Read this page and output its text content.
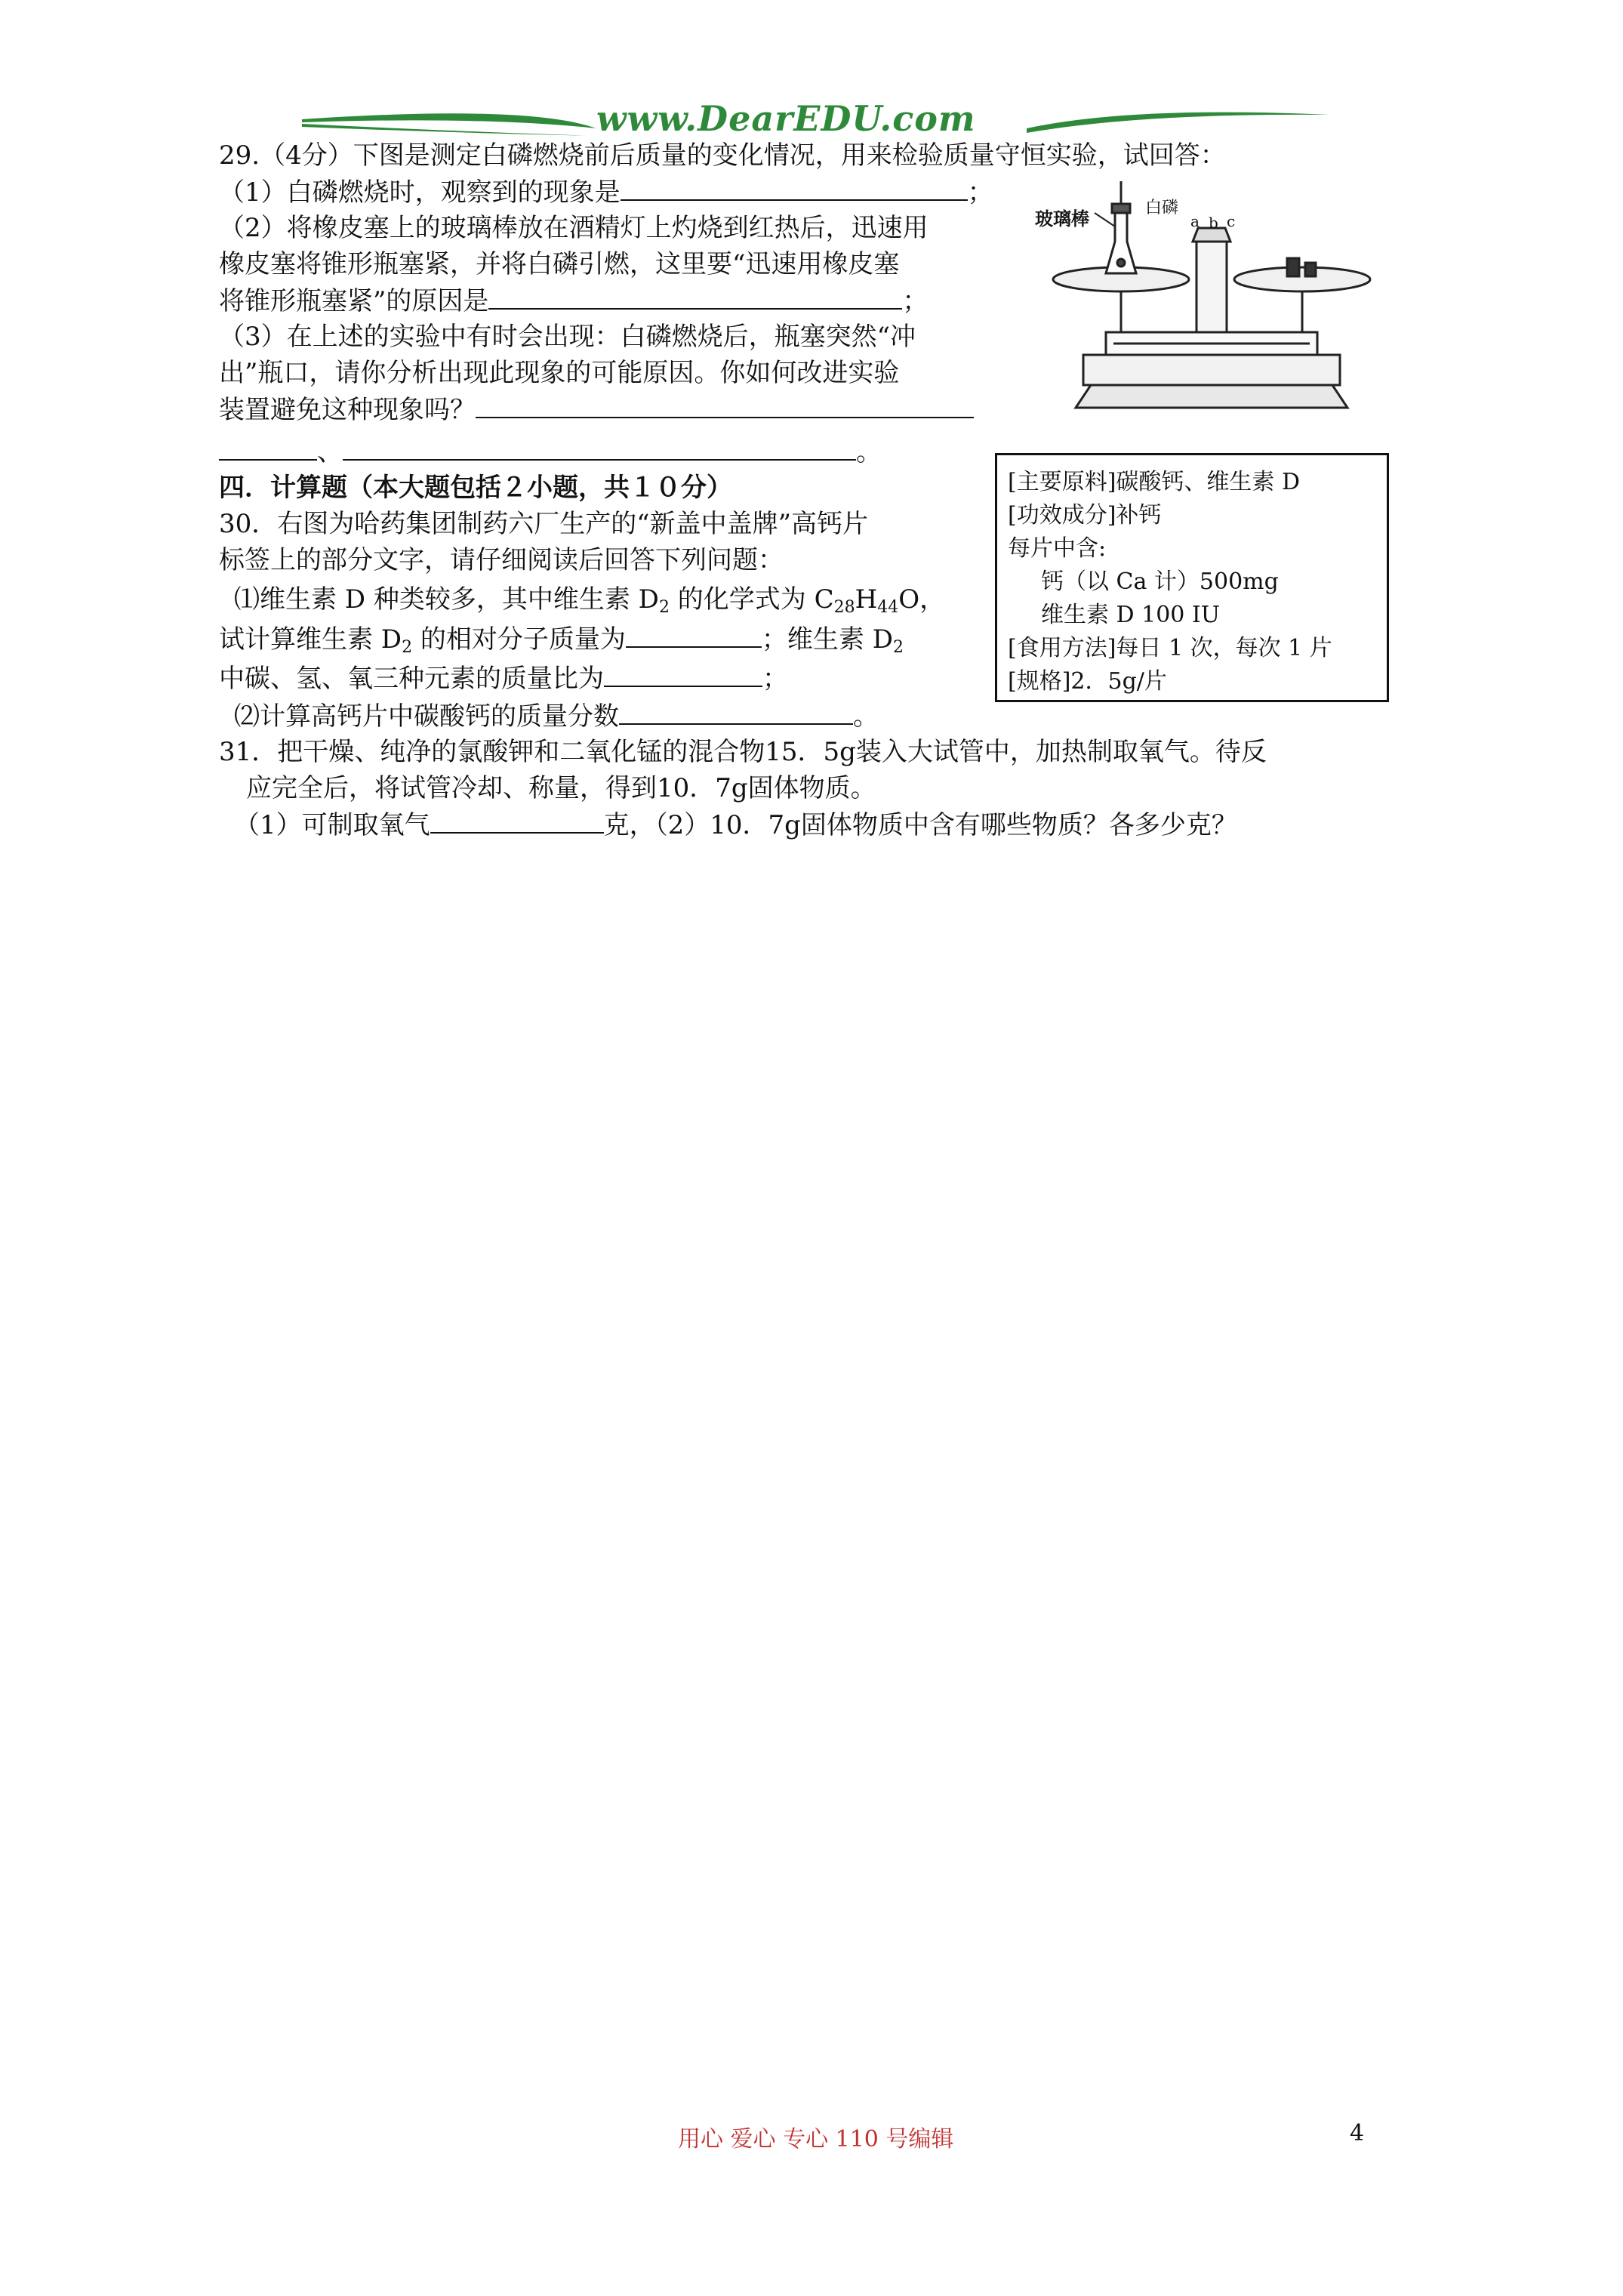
www.DearEDU.com
29.（4分）下图是测定白磷燃烧前后质量的变化情况，用来检验质量守恒实验，试回答：
（1）白磷燃烧时，观察到的现象是	；
（2）将橡皮塞上的玻璃棒放在酒精灯上灼烧到红热后，迅速用
橡皮塞将锥形瓶塞紧，并将白磷引燃，这里要“迅速用橡皮塞
将锥形瓶塞紧”的原因是	；
（3）在上述的实验中有时会出现：白磷燃烧后，瓶塞突然“冲
出”瓶口，请你分析出现此现象的可能原因。你如何改进实验
装置避免这种现象吗？
、	。
玻璃棒
白磷
a b c
四．计算题（本大题包括２小题，共１０分）
30．右图为哈药集团制药六厂生产的“新盖中盖牌”高钙片
标签上的部分文字，请仔细阅读后回答下列问题：
⑴维生素 D 种类较多，其中维生素 $D_2$ 的化学式为 $C_{28}H_{44}O$，
试计算维生素 $D_2$ 的相对分子质量为	；维生素 $D_2$
中碳、氢、氧三种元素的质量比为	；
⑵计算高钙片中碳酸钙的质量分数	。
[主要原料]碳酸钙、维生素 D
[功效成分]补钙
每片中含:
钙（以 Ca 计）500mg
维生素 D 100 IU
[食用方法]每日 1 次，每次 1 片
[规格]2．5g/片
31．把干燥、纯净的氯酸钾和二氧化锰的混合物15．5g装入大试管中，加热制取氧气。待反
应完全后，将试管冷却、称量，得到10．7g固体物质。
（1）可制取氧气	克，（2）10．7g固体物质中含有哪些物质？各多少克？
用心 爱心 专心 110 号编辑	4
